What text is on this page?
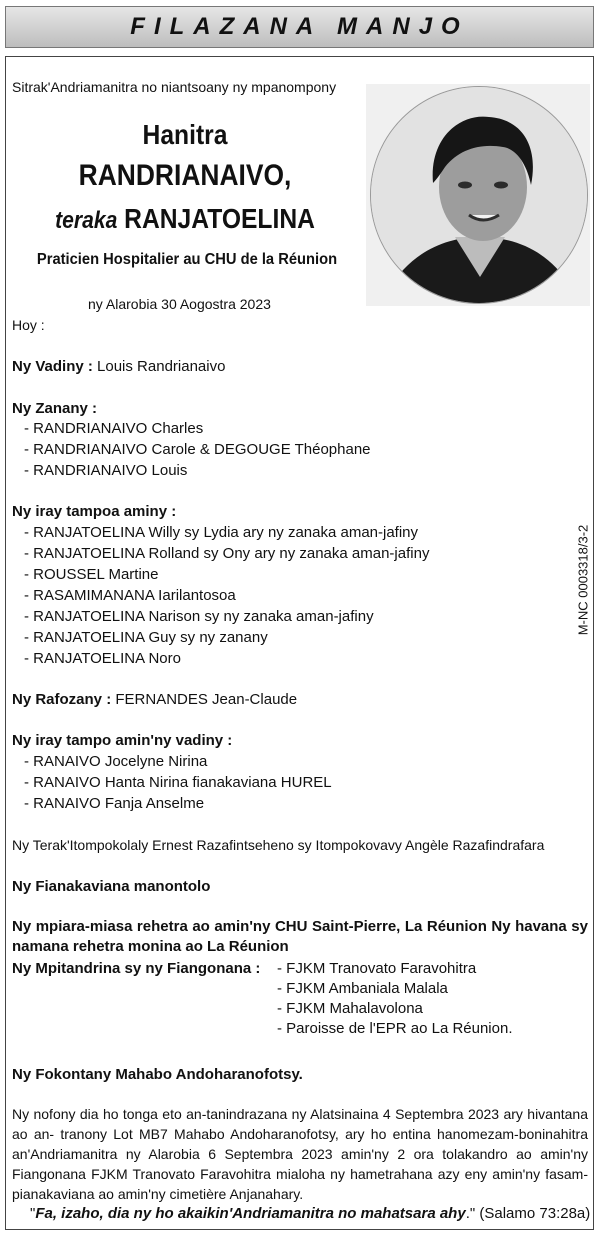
FILAZANA MANJO
Sitrak'Andriamanitra no niantsoany ny mpanompony
Hanitra
RANDRIANAIVO,
teraka RANJATOELINA
Praticien Hospitalier au CHU de la Réunion
ny Alarobia 30 Aogostra 2023
Hoy :
Ny Vadiny : Louis Randrianaivo
Ny Zanany :
- RANDRIANAIVO Charles
- RANDRIANAIVO Carole & DEGOUGE Théophane
- RANDRIANAIVO Louis
Ny iray tampoa aminy :
- RANJATOELINA Willy sy Lydia ary ny zanaka aman-jafiny
- RANJATOELINA Rolland sy Ony ary ny zanaka aman-jafiny
- ROUSSEL Martine
- RASAMIMANANA Iarilantosoa
- RANJATOELINA Narison sy ny zanaka aman-jafiny
- RANJATOELINA Guy sy ny zanany
- RANJATOELINA Noro
Ny Rafozany : FERNANDES Jean-Claude
Ny iray tampo amin'ny vadiny :
- RANAIVO Jocelyne Nirina
- RANAIVO Hanta Nirina fianakaviana HUREL
- RANAIVO Fanja Anselme
Ny Terak'Itompokolaly Ernest Razafintseheno sy Itompokovavy Angèle Razafindrafara
Ny Fianakaviana manontolo
Ny mpiara-miasa rehetra ao amin'ny CHU Saint-Pierre, La Réunion Ny havana sy namana rehetra monina ao La Réunion
Ny Mpitandrina sy ny Fiangonana : - FJKM Tranovato Faravohitra
- FJKM Ambaniala Malala
- FJKM Mahalavolona
- Paroisse de l'EPR ao La Réunion.
Ny Fokontany Mahabo Andoharanofotsy.
Ny nofony dia ho tonga eto an-tanindrazana ny Alatsinaina 4 Septembra 2023 ary hivantana ao an- tranony Lot MB7 Mahabo Andoharanofotsy, ary ho entina hanomezam-boninahitra an'Andriamanitra ny Alarobia 6 Septembra 2023 amin'ny 2 ora tolakandro ao amin'ny Fiangonana FJKM Tranovato Faravohitra mialoha ny hametrahana azy eny amin'ny fasam-pianakaviana ao amin'ny cimetière Anjanahary.
"Fa, izaho, dia ny ho akaikin'Andriamanitra no mahatsara ahy." (Salamo 73:28a)
M-NC 0003318/3-2
